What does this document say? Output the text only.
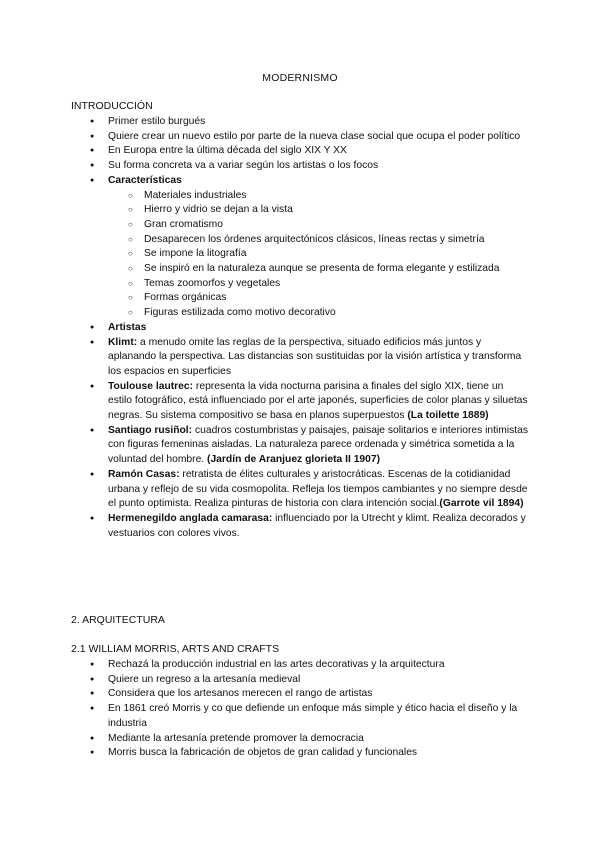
MODERNISMO
INTRODUCCIÓN
● Primer estilo burgués
● Quiere crear un nuevo estilo por parte de la nueva clase social que ocupa el poder político
● En Europa entre la última década del siglo XIX Y XX
● Su forma concreta va a variar según los artistas o los focos
● Características
○ Materiales industriales
○ Hierro y vidrio se dejan a la vista
○ Gran cromatismo
○ Desaparecen los órdenes arquitectónicos clásicos, líneas rectas y simetría
○ Se impone la litografía
○ Se inspiró en la naturaleza aunque se presenta de forma elegante y estilizada
○ Temas zoomorfos y vegetales
○ Formas orgánicas
○ Figuras estilizada como motivo decorativo
● Artistas
● Klimt: a menudo omite las reglas de la perspectiva, situado edificios más juntos y aplanando la perspectiva. Las distancias son sustituidas por la visión artística y transforma los espacios en superficies
● Toulouse lautrec: representa la vida nocturna parisina a finales del siglo XIX, tiene un estilo fotográfico, está influenciado por el arte japonés, superficies de color planas y siluetas negras. Su sistema compositivo se basa en planos superpuestos (La toilette 1889)
● Santiago rusiñol: cuadros costumbristas y paisajes, paisaje solitarios e interiores intimistas con figuras femeninas aisladas. La naturaleza parece ordenada y simétrica sometida a la voluntad del hombre. (Jardín de Aranjuez glorieta II 1907)
● Ramón Casas: retratista de élites culturales y aristocráticas. Escenas de la cotidianidad urbana y reflejo de su vida cosmopolita. Refleja los tiempos cambiantes y no siempre desde el punto optimista. Realiza pinturas de historia con clara intención social.(Garrote vil 1894)
● Hermenegildo anglada camarasa: influenciado por la Utrecht y klimt. Realiza decorados y vestuarios con colores vivos.
2. ARQUITECTURA
2.1 WILLIAM MORRIS, ARTS AND CRAFTS
● Rechazá la producción industrial en las artes decorativas y la arquitectura
● Quiere un regreso a la artesanía medieval
● Considera que los artesanos merecen el rango de artistas
● En 1861 creó Morris y co que defiende un enfoque más simple y ético hacia el diseño y la industria
● Mediante la artesanía pretende promover la democracia
● Morris busca la fabricación de objetos de gran calidad y funcionales
